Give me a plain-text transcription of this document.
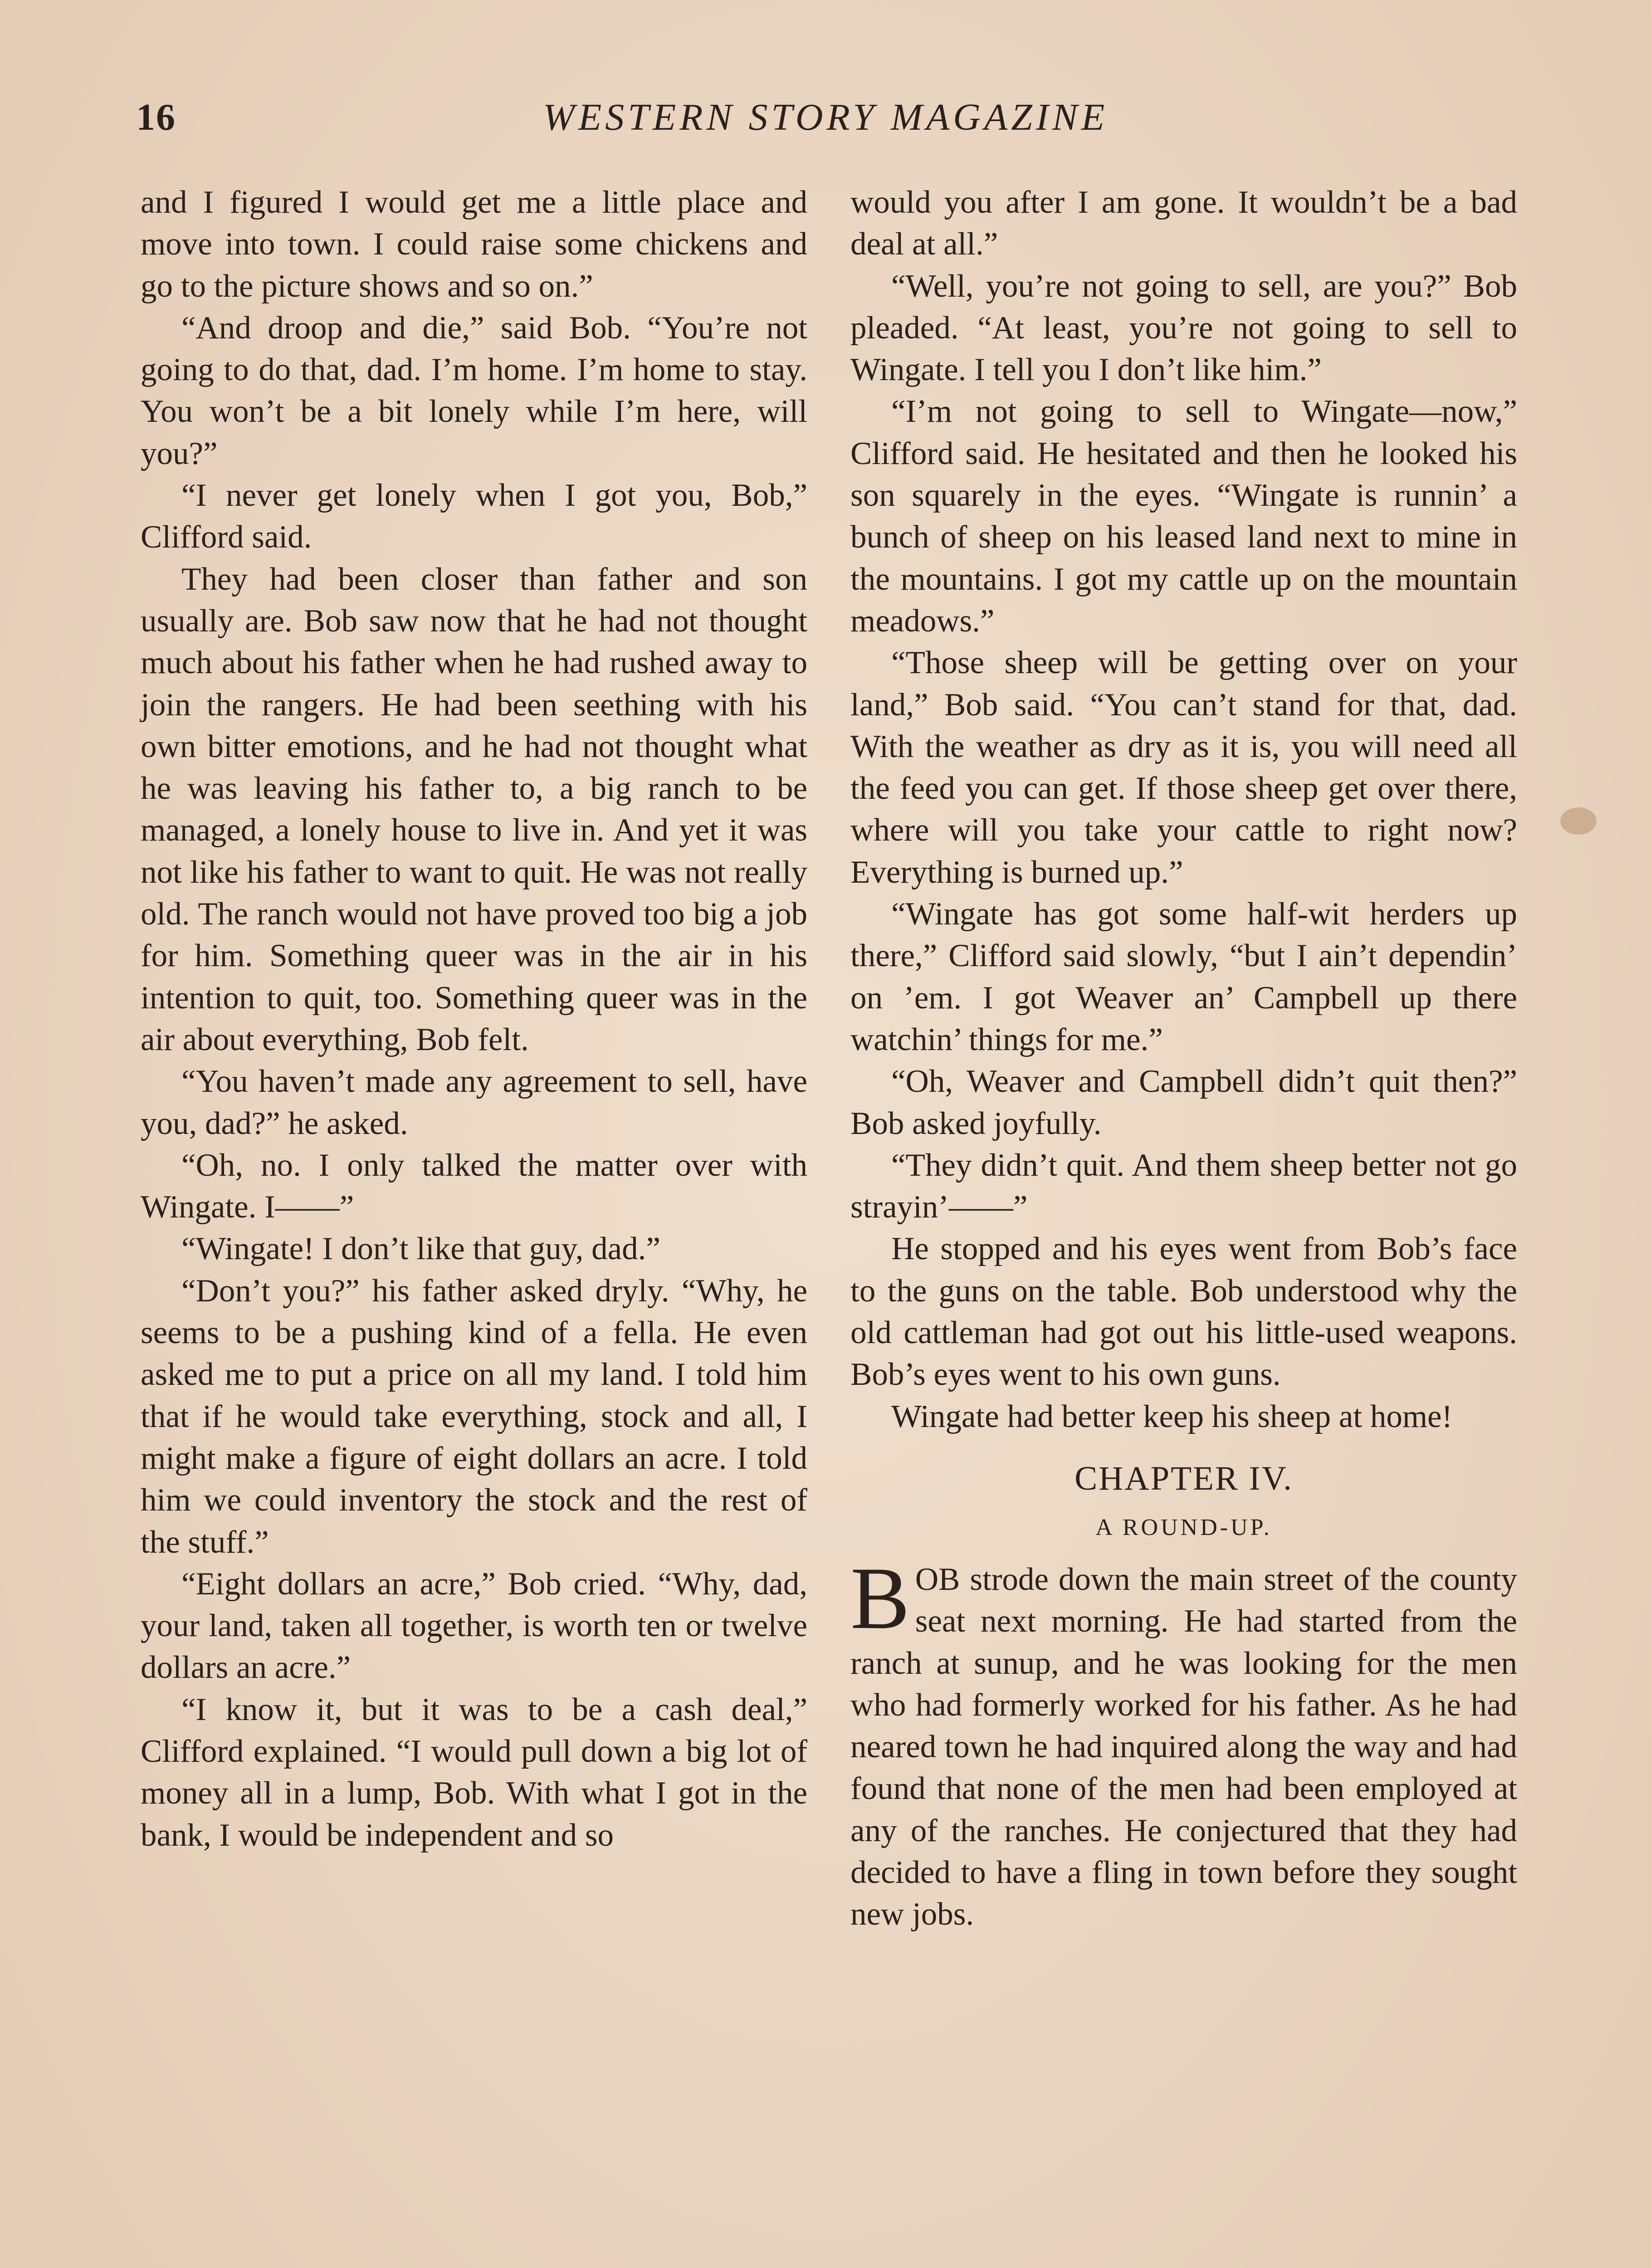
16	WESTERN STORY MAGAZINE

and I figured I would get me a little place and move into town. I could raise some chickens and go to the picture shows and so on.”

“And droop and die,” said Bob. “You’re not going to do that, dad. I’m home. I’m home to stay. You won’t be a bit lonely while I’m here, will you?”

“I never get lonely when I got you, Bob,” Clifford said.

They had been closer than father and son usually are. Bob saw now that he had not thought much about his father when he had rushed away to join the rangers. He had been seething with his own bitter emotions, and he had not thought what he was leaving his father to, a big ranch to be managed, a lonely house to live in. And yet it was not like his father to want to quit. He was not really old. The ranch would not have proved too big a job for him. Something queer was in the air in his intention to quit, too. Something queer was in the air about everything, Bob felt.

“You haven’t made any agreement to sell, have you, dad?” he asked.

“Oh, no. I only talked the matter over with Wingate. I——”

“Wingate! I don’t like that guy, dad.”

“Don’t you?” his father asked dryly. “Why, he seems to be a pushing kind of a fella. He even asked me to put a price on all my land. I told him that if he would take everything, stock and all, I might make a figure of eight dollars an acre. I told him we could inventory the stock and the rest of the stuff.”

“Eight dollars an acre,” Bob cried. “Why, dad, your land, taken all together, is worth ten or twelve dollars an acre.”

“I know it, but it was to be a cash deal,” Clifford explained. “I would pull down a big lot of money all in a lump, Bob. With what I got in the bank, I would be independent and so

would you after I am gone. It wouldn’t be a bad deal at all.”

“Well, you’re not going to sell, are you?” Bob pleaded. “At least, you’re not going to sell to Wingate. I tell you I don’t like him.”

“I’m not going to sell to Wingate—now,” Clifford said. He hesitated and then he looked his son squarely in the eyes. “Wingate is runnin’ a bunch of sheep on his leased land next to mine in the mountains. I got my cattle up on the mountain meadows.”

“Those sheep will be getting over on your land,” Bob said. “You can’t stand for that, dad. With the weather as dry as it is, you will need all the feed you can get. If those sheep get over there, where will you take your cattle to right now? Everything is burned up.”

“Wingate has got some half-wit herders up there,” Clifford said slowly, “but I ain’t dependin’ on ’em. I got Weaver an’ Campbell up there watchin’ things for me.”

“Oh, Weaver and Campbell didn’t quit then?” Bob asked joyfully.

“They didn’t quit. And them sheep better not go strayin’——”

He stopped and his eyes went from Bob’s face to the guns on the table. Bob understood why the old cattleman had got out his little-used weapons. Bob’s eyes went to his own guns.

Wingate had better keep his sheep at home!

CHAPTER IV.
A ROUND-UP.

BOB strode down the main street of the county seat next morning. He had started from the ranch at sunup, and he was looking for the men who had formerly worked for his father. As he had neared town he had inquired along the way and had found that none of the men had been employed at any of the ranches. He conjectured that they had decided to have a fling in town before they sought new jobs.
